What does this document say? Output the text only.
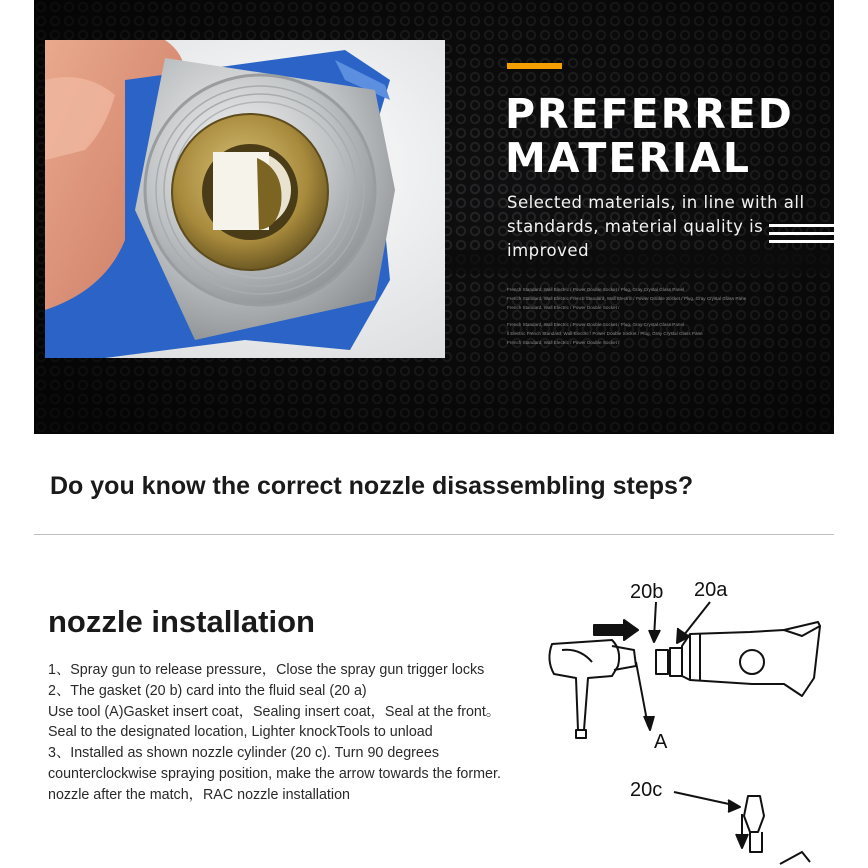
PREFERRED
MATERIAL

Selected materials, in line with all standards, material quality is improved

French Standard, Wall Electric / Power Double Socket / Plug, Gray Crystal Glass Panel
French Standard, Wall Electric French Standard, Wall Electric / Power Double Socket / Plug, Gray Crystal Glass Pane
French Standard, Wall Electric / Power Double Socket /
French Standard, Wall Electric / Power Double Socket / Plug, Gray Crystal Glass Panel
ll Electric French Standard, Wall Electric / Power Double Socket / Plug, Gray Crystal Glass Pane
French Standard, Wall Electric / Power Double Socket /
Do you know the correct nozzle disassembling steps?
nozzle installation
1、Spray gun to release pressure，Close the spray gun trigger locks
2、The gasket (20 b) card into the fluid seal (20 a)
Use tool (A)Gasket insert coat，Sealing insert coat，Seal at the front。
Seal to the designated location, Lighter knockTools to unload
3、Installed as shown nozzle cylinder (20 c). Turn 90 degrees
counterclockwise spraying position, make the arrow towards the former.
nozzle after the match，RAC nozzle installation
20b 20a
A
20c
